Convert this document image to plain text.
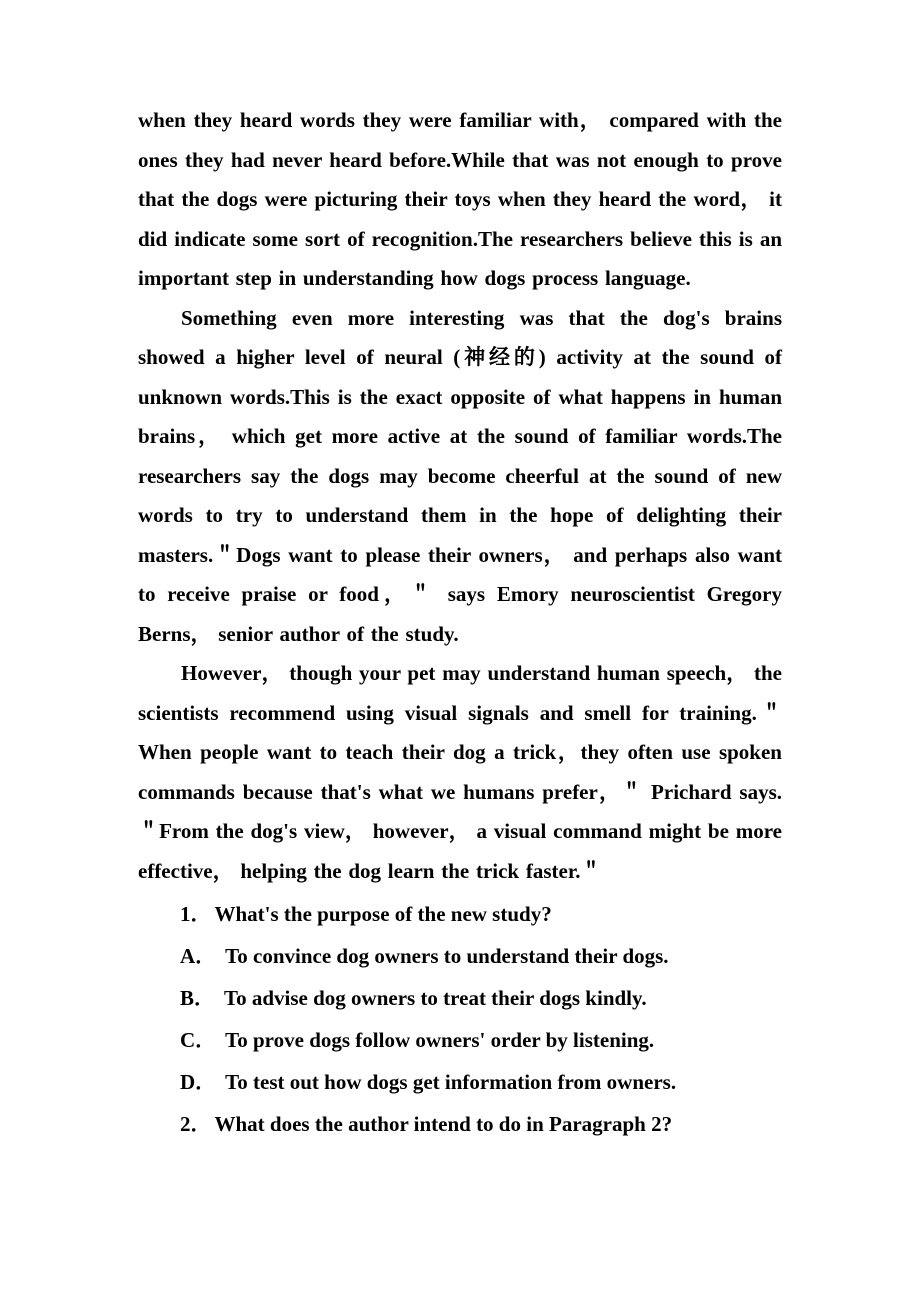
when they heard words they were familiar with， compared with the ones they had never heard before.While that was not enough to prove that the dogs were picturing their toys when they heard the word， it did indicate some sort of recognition.The researchers believe this is an important step in understanding how dogs process language.

Something even more interesting was that the dog's brains showed a higher level of neural (神经的) activity at the sound of unknown words.This is the exact opposite of what happens in human brains， which get more active at the sound of familiar words.The researchers say the dogs may become cheerful at the sound of new words to try to understand them in the hope of delighting their masters.＂Dogs want to please their owners， and perhaps also want to receive praise or food，＂ says Emory neuroscientist Gregory Berns， senior author of the study.

However， though your pet may understand human speech， the scientists recommend using visual signals and smell for training.＂When people want to teach their dog a trick，they often use spoken commands because that's what we humans prefer，＂ Prichard says.＂From the dog's view， however， a visual command might be more effective， helping the dog learn the trick faster.＂

1． What's the purpose of the new study?

A． To convince dog owners to understand their dogs.

B． To advise dog owners to treat their dogs kindly.

C． To prove dogs follow owners' order by listening.

D． To test out how dogs get information from owners.

2． What does the author intend to do in Paragraph 2?
